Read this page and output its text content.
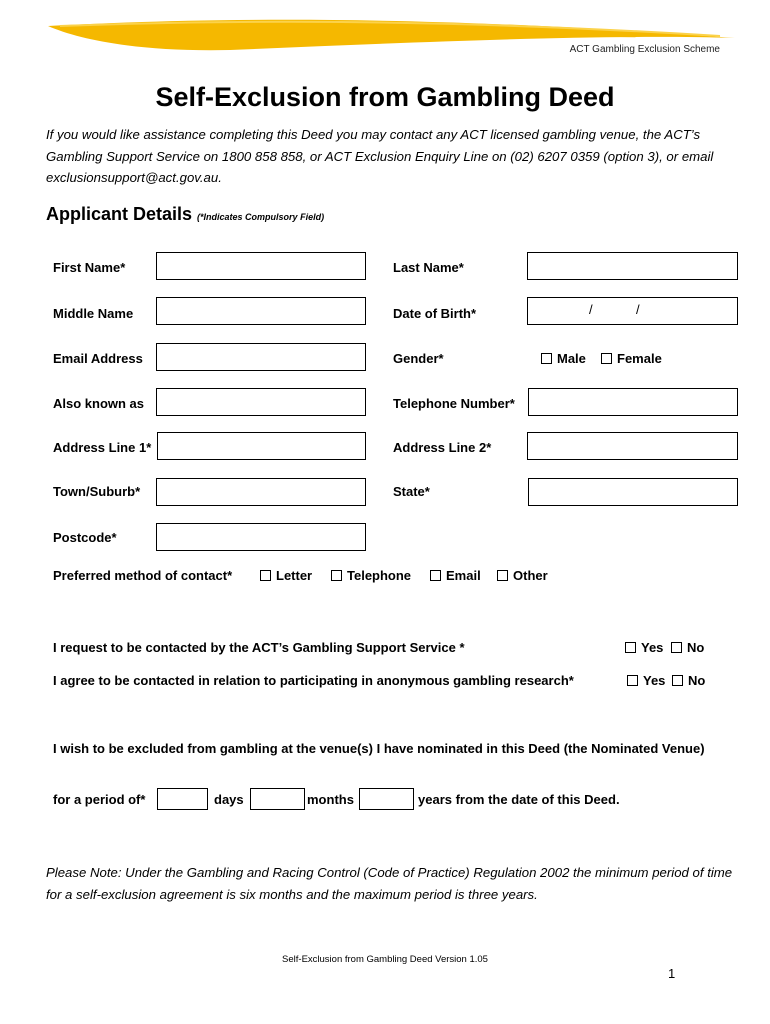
ACT Gambling Exclusion Scheme
Self-Exclusion from Gambling Deed
If you would like assistance completing this Deed you may contact any ACT licensed gambling venue, the ACT’s Gambling Support Service on 1800 858 858, or ACT Exclusion Enquiry Line on (02) 6207 0359 (option 3), or email exclusionsupport@act.gov.au.
Applicant Details (*Indicates Compulsory Field)
First Name*	Last Name*
Middle Name	Date of Birth*	/	/
Email Address	Gender*	Male	Female
Also known as	Telephone Number*
Address Line 1*	Address Line 2*
Town/Suburb*	State*
Postcode*
Preferred method of contact*	Letter	Telephone	Email	Other
I request to be contacted by the ACT’s Gambling Support Service *	Yes	No
I agree to be contacted in relation to participating in anonymous gambling research*	Yes	No
I wish to be excluded from gambling at the venue(s) I have nominated in this Deed (the Nominated Venue)
for a period of*	days	months	years from the date of this Deed.
Please Note: Under the Gambling and Racing Control (Code of Practice) Regulation 2002 the minimum period of time for a self-exclusion agreement is six months and the maximum period is three years.
Self-Exclusion from Gambling Deed Version 1.05
1
